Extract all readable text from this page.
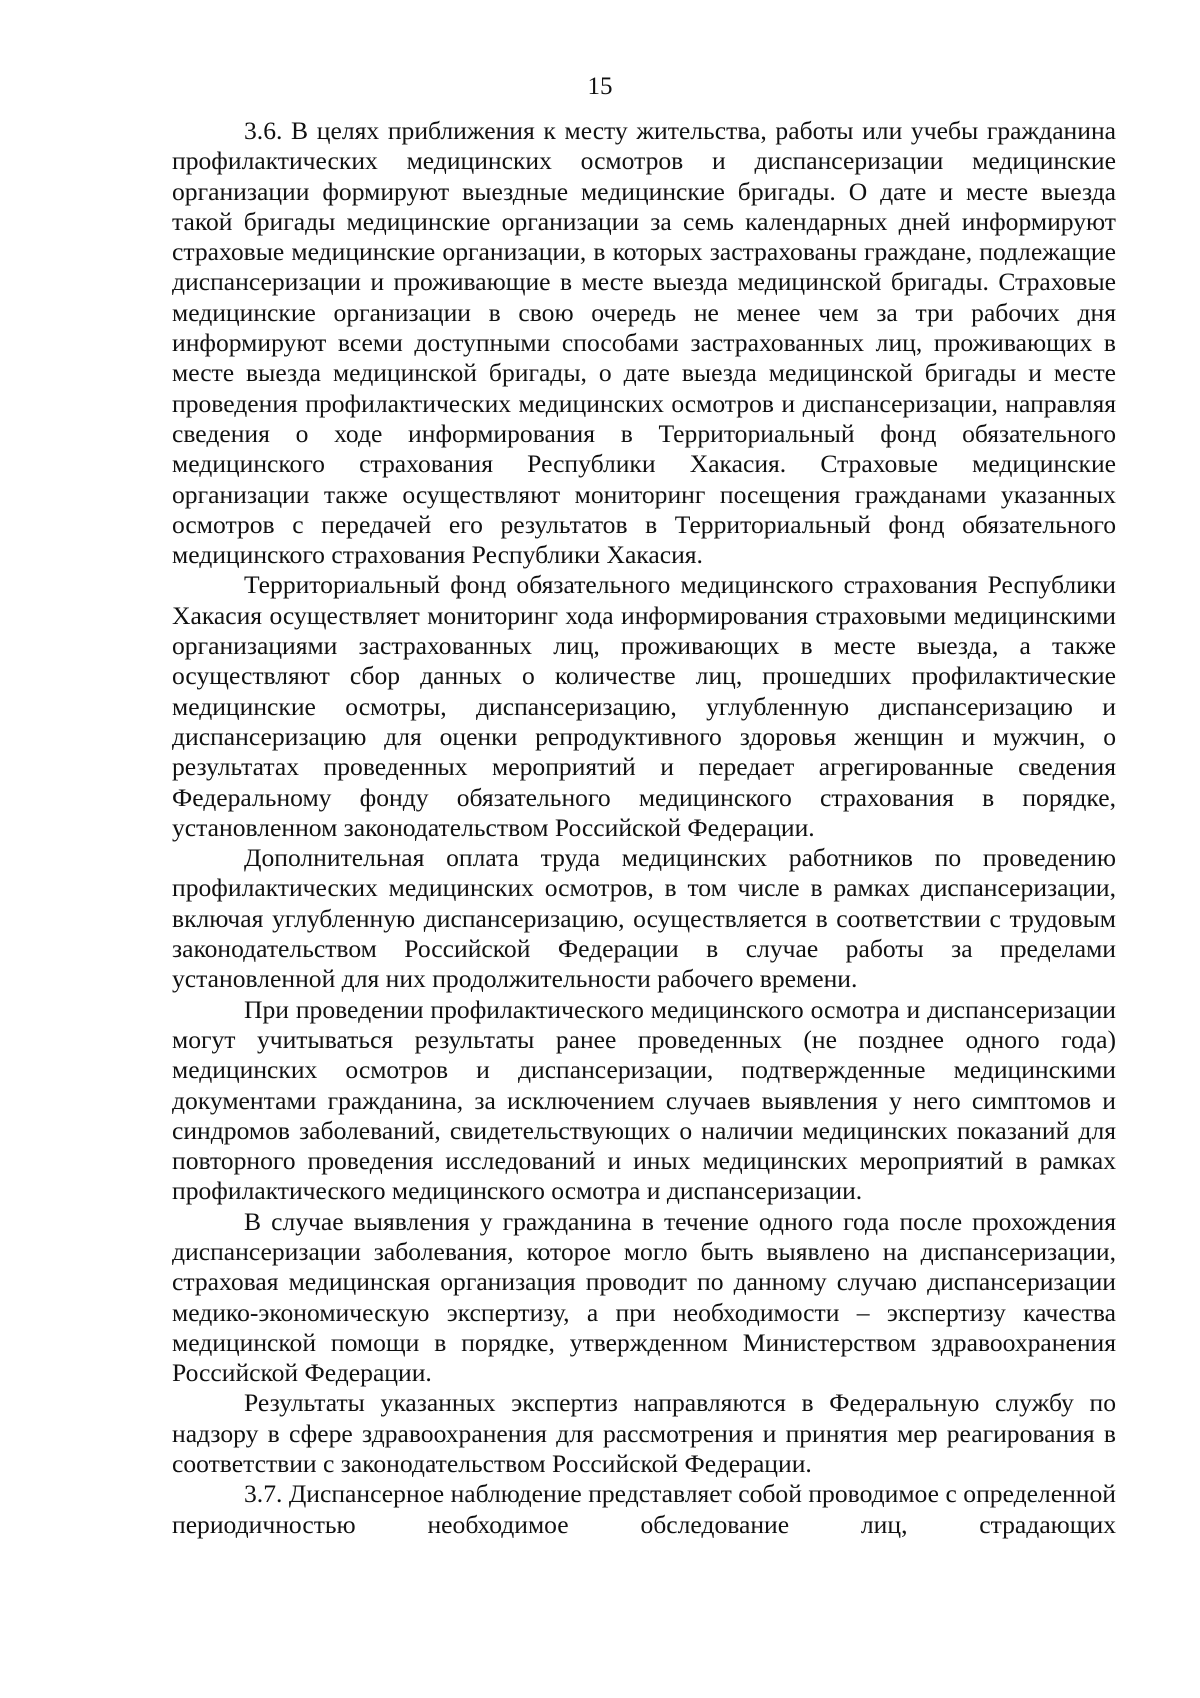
15

3.6. В целях приближения к месту жительства, работы или учебы гражданина профилактических медицинских осмотров и диспансеризации медицинские организации формируют выездные медицинские бригады. О дате и месте выезда такой бригады медицинские организации за семь календарных дней информируют страховые медицинские организации, в которых застрахованы граждане, подлежащие диспансеризации и проживающие в месте выезда медицинской бригады. Страховые медицинские организации в свою очередь не менее чем за три рабочих дня информируют всеми доступными способами застрахованных лиц, проживающих в месте выезда медицинской бригады, о дате выезда медицинской бригады и месте проведения профилактических медицинских осмотров и диспансеризации, направляя сведения о ходе информирования в Территориальный фонд обязательного медицинского страхования Республики Хакасия. Страховые медицинские организации также осуществляют мониторинг посещения гражданами указанных осмотров с передачей его результатов в Территориальный фонд обязательного медицинского страхования Республики Хакасия.

Территориальный фонд обязательного медицинского страхования Республики Хакасия осуществляет мониторинг хода информирования страховыми медицинскими организациями застрахованных лиц, проживающих в месте выезда, а также осуществляют сбор данных о количестве лиц, прошедших профилактические медицинские осмотры, диспансеризацию, углубленную диспансеризацию и диспансеризацию для оценки репродуктивного здоровья женщин и мужчин, о результатах проведенных мероприятий и передает агрегированные сведения Федеральному фонду обязательного медицинского страхования в порядке, установленном законодательством Российской Федерации.

Дополнительная оплата труда медицинских работников по проведению профилактических медицинских осмотров, в том числе в рамках диспансеризации, включая углубленную диспансеризацию, осуществляется в соответствии с трудовым законодательством Российской Федерации в случае работы за пределами установленной для них продолжительности рабочего времени.

При проведении профилактического медицинского осмотра и диспансеризации могут учитываться результаты ранее проведенных (не позднее одного года) медицинских осмотров и диспансеризации, подтвержденные медицинскими документами гражданина, за исключением случаев выявления у него симптомов и синдромов заболеваний, свидетельствующих о наличии медицинских показаний для повторного проведения исследований и иных медицинских мероприятий в рамках профилактического медицинского осмотра и диспансеризации.

В случае выявления у гражданина в течение одного года после прохождения диспансеризации заболевания, которое могло быть выявлено на диспансеризации, страховая медицинская организация проводит по данному случаю диспансеризации медико-экономическую экспертизу, а при необходимости – экспертизу качества медицинской помощи в порядке, утвержденном Министерством здравоохранения Российской Федерации.

Результаты указанных экспертиз направляются в Федеральную службу по надзору в сфере здравоохранения для рассмотрения и принятия мер реагирования в соответствии с законодательством Российской Федерации.

3.7. Диспансерное наблюдение представляет собой проводимое с определенной периодичностью необходимое обследование лиц, страдающих
